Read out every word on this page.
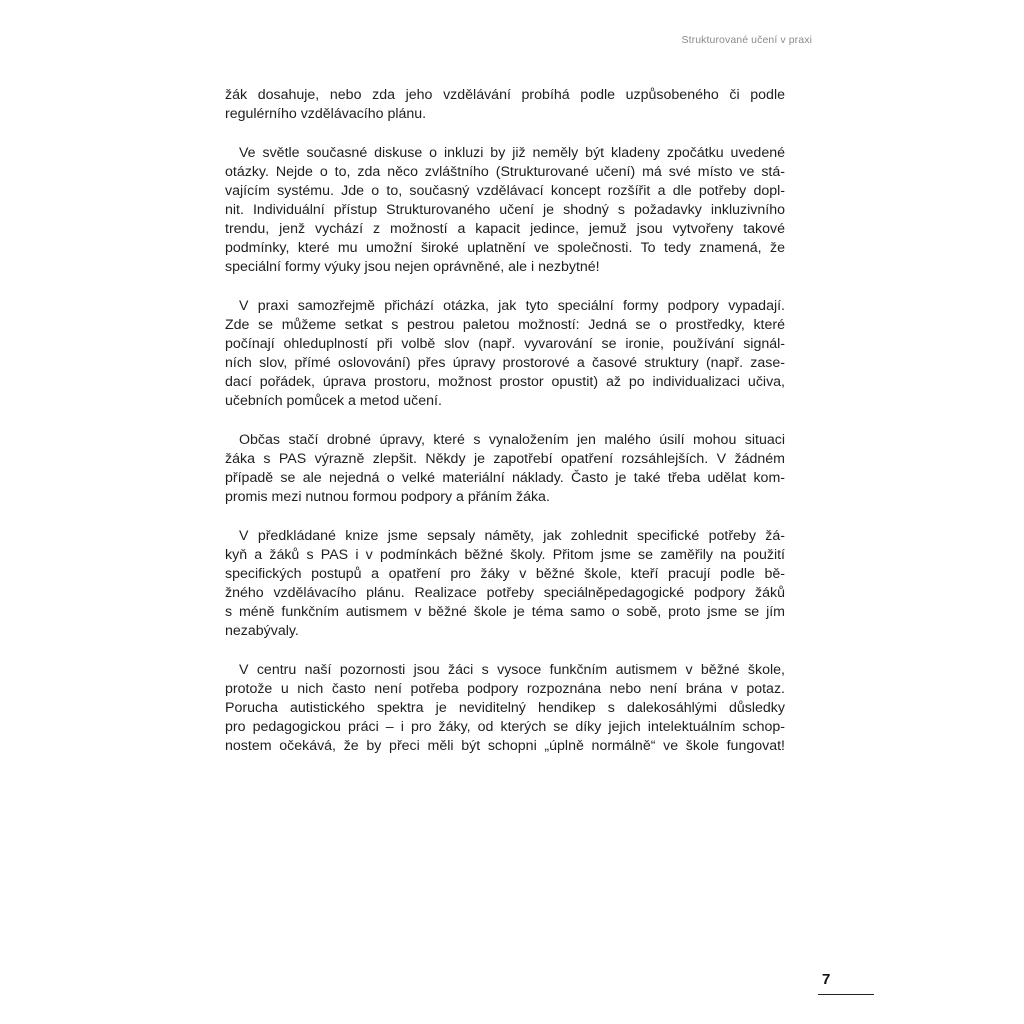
Strukturované učení v praxi
žák dosahuje, nebo zda jeho vzdělávání probíhá podle uzpůsobeného či podle
regulérního vzdělávacího plánu.
Ve světle současné diskuse o inkluzi by již neměly být kladeny zpočátku uvedené
otázky. Nejde o to, zda něco zvláštního (Strukturované učení) má své místo ve stá-
vajícím systému. Jde o to, současný vzdělávací koncept rozšířit a dle potřeby dopl-
nit. Individuální přístup Strukturovaného učení je shodný s požadavky inkluzivního
trendu, jenž vychází z možností a kapacit jedince, jemuž jsou vytvořeny takové
podmínky, které mu umožní široké uplatnění ve společnosti. To tedy znamená, že
speciální formy výuky jsou nejen oprávněné, ale i nezbytné!
V praxi samozřejmě přichází otázka, jak tyto speciální formy podpory vypadají.
Zde se můžeme setkat s pestrou paletou možností: Jedná se o prostředky, které
počínají ohleduplností při volbě slov (např. vyvarování se ironie, používání signál-
ních slov, přímé oslovování) přes úpravy prostorové a časové struktury (např. zase-
dací pořádek, úprava prostoru, možnost prostor opustit) až po individualizaci učiva,
učebních pomůcek a metod učení.
Občas stačí drobné úpravy, které s vynaložením jen malého úsilí mohou situaci
žáka s PAS výrazně zlepšit. Někdy je zapotřebí opatření rozsáhlejších. V žádném
případě se ale nejedná o velké materiální náklady. Často je také třeba udělat kom-
promis mezi nutnou formou podpory a přáním žáka.
V předkládané knize jsme sepsaly náměty, jak zohlednit specifické potřeby žá-
kyň a žáků s PAS i v podmínkách běžné školy. Přitom jsme se zaměřily na použití
specifických postupů a opatření pro žáky v běžné škole, kteří pracují podle bě-
žného vzdělávacího plánu. Realizace potřeby speciálněpedagogické podpory žáků
s méně funkčním autismem v běžné škole je téma samo o sobě, proto jsme se jím
nezabývaly.
V centru naší pozornosti jsou žáci s vysoce funkčním autismem v běžné škole,
protože u nich často není potřeba podpory rozpoznána nebo není brána v potaz.
Porucha autistického spektra je neviditelný hendikep s dalekosáhlými důsledky
pro pedagogickou práci – i pro žáky, od kterých se díky jejich intelektuálním schop-
nostem očekává, že by přeci měli být schopni „úplně normálně“ ve škole fungovat!
7
